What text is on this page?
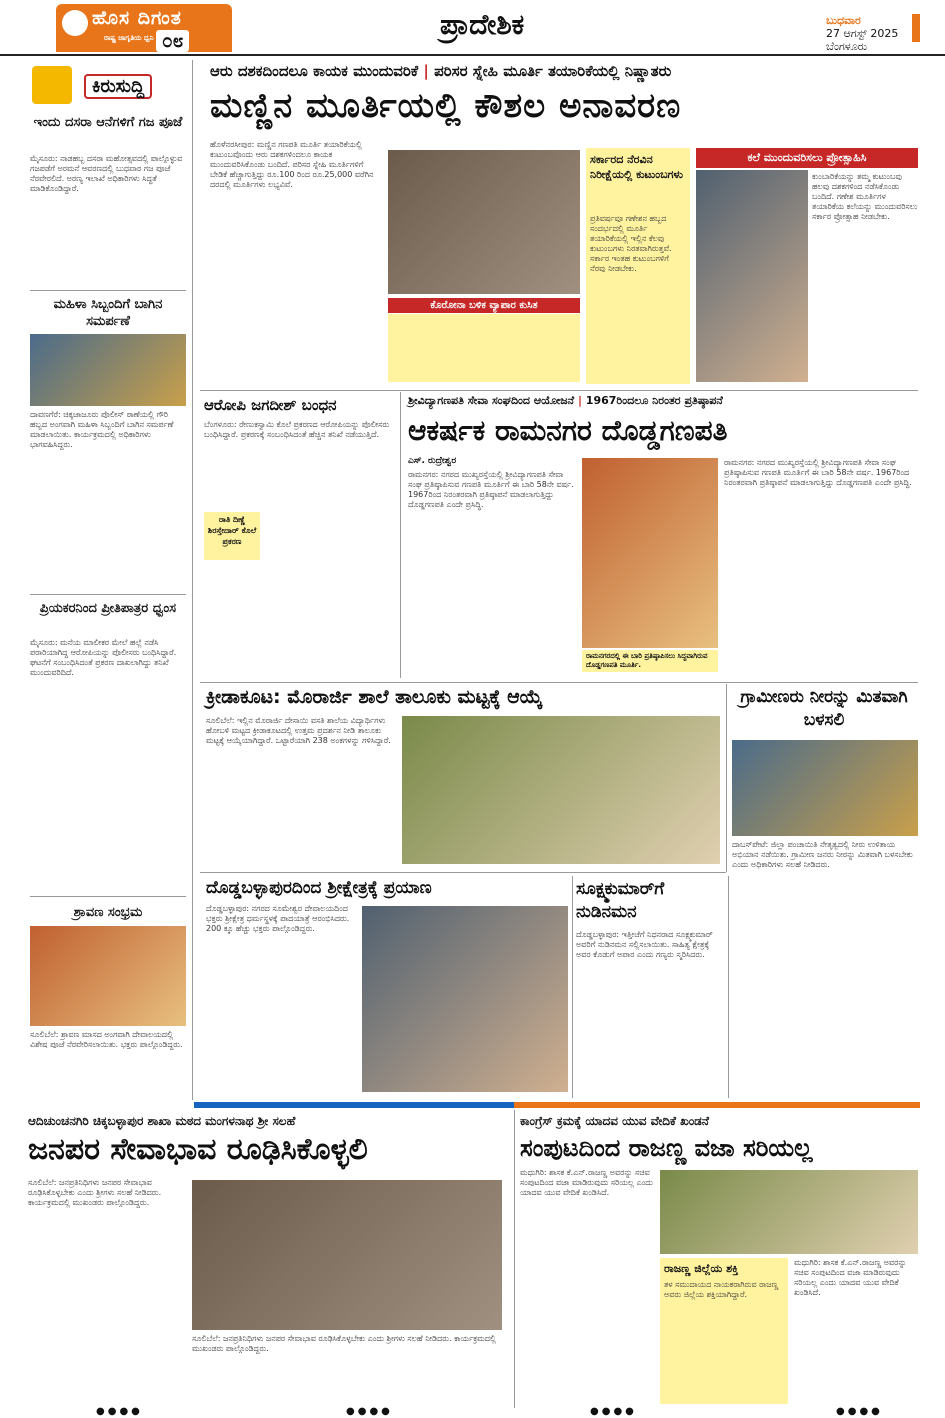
ಹೊಸ ದಿಗಂತ
ರಾಷ್ಟ್ರ ಜಾಗೃತಿಯ ಧ್ವನಿ ೦೮	ಪ್ರಾದೇಶಿಕ	ಬುಧವಾರ
27 ಆಗಸ್ಟ್ 2025
ಬೆಂಗಳೂರು
ಕಿರುಸುದ್ದಿ
ಇಂದು ದಸರಾ ಆನೆಗಳಿಗೆ ಗಜ ಪೂಜೆ
ಮೈಸೂರು: ನಾಡಹಬ್ಬ ದಸರಾ ಮಹೋತ್ಸವದಲ್ಲಿ ಪಾಲ್ಗೊಳ್ಳುವ ಗಜಪಡೆಗೆ ಅರಮನೆ ಆವರಣದಲ್ಲಿ ಬುಧವಾರ ಗಜ ಪೂಜೆ ನೆರವೇರಲಿದೆ. ಅರಣ್ಯ ಇಲಾಖೆ ಅಧಿಕಾರಿಗಳು ಸಿದ್ಧತೆ ಮಾಡಿಕೊಂಡಿದ್ದಾರೆ.
ಮಹಿಳಾ ಸಿಬ್ಬಂದಿಗೆ ಬಾಗಿನ ಸಮರ್ಪಣೆ
ದಾವಣಗೆರೆ: ಚಿಕ್ಕಜಾಜೂರು ಪೊಲೀಸ್ ಠಾಣೆಯಲ್ಲಿ ಗೌರಿ ಹಬ್ಬದ ಅಂಗವಾಗಿ ಮಹಿಳಾ ಸಿಬ್ಬಂದಿಗೆ ಬಾಗಿನ ಸಮರ್ಪಣೆ ಮಾಡಲಾಯಿತು. ಕಾರ್ಯಕ್ರಮದಲ್ಲಿ ಅಧಿಕಾರಿಗಳು ಭಾಗವಹಿಸಿದ್ದರು.
ಪ್ರಿಯಕರನಿಂದ ಪ್ರೀತಿಪಾತ್ರರ ಧ್ವಂಸ
ಮೈಸೂರು: ಮನೆಯ ಮಾಲೀಕರ ಮೇಲೆ ಹಲ್ಲೆ ನಡೆಸಿ ಪರಾರಿಯಾಗಿದ್ದ ಆರೋಪಿಯನ್ನು ಪೊಲೀಸರು ಬಂಧಿಸಿದ್ದಾರೆ. ಘಟನೆಗೆ ಸಂಬಂಧಿಸಿದಂತೆ ಪ್ರಕರಣ ದಾಖಲಾಗಿದ್ದು ತನಿಖೆ ಮುಂದುವರಿದಿದೆ.
ಶ್ರಾವಣ ಸಂಭ್ರಮ
ಸೂಲಿಬೆಲೆ: ಶ್ರಾವಣ ಮಾಸದ ಅಂಗವಾಗಿ ದೇವಾಲಯದಲ್ಲಿ ವಿಶೇಷ ಪೂಜೆ ನೆರವೇರಿಸಲಾಯಿತು. ಭಕ್ತರು ಪಾಲ್ಗೊಂಡಿದ್ದರು.
ಆರು ದಶಕದಿಂದಲೂ ಕಾಯಕ ಮುಂದುವರಿಕೆ | ಪರಿಸರ ಸ್ನೇಹಿ ಮೂರ್ತಿ ತಯಾರಿಕೆಯಲ್ಲಿ ನಿಷ್ಣಾತರು
ಮಣ್ಣಿನ ಮೂರ್ತಿಯಲ್ಲಿ ಕೌಶಲ ಅನಾವರಣ
ಹೊಳೆನರಸೀಪುರ: ಮಣ್ಣಿನ ಗಣಪತಿ ಮೂರ್ತಿ ತಯಾರಿಕೆಯಲ್ಲಿ ಕುಟುಂಬವೊಂದು ಆರು ದಶಕಗಳಿಂದಲೂ ಕಾಯಕ ಮುಂದುವರಿಸಿಕೊಂಡು ಬಂದಿದೆ. ಪರಿಸರ ಸ್ನೇಹಿ ಮೂರ್ತಿಗಳಿಗೆ ಬೇಡಿಕೆ ಹೆಚ್ಚಾಗುತ್ತಿದ್ದು ರೂ.100 ರಿಂದ ರೂ.25,000 ವರೆಗಿನ ದರದಲ್ಲಿ ಮೂರ್ತಿಗಳು ಲಭ್ಯವಿವೆ.
ಕೊರೋನಾ ಬಳಿಕ ವ್ಯಾಪಾರ ಕುಸಿತ
ಸರ್ಕಾರದ ನೆರವಿನ ನಿರೀಕ್ಷೆಯಲ್ಲಿ ಕುಟುಂಬಗಳು
ಪ್ರತಿವರ್ಷವೂ ಗಣೇಶನ ಹಬ್ಬದ ಸಂದರ್ಭದಲ್ಲಿ ಮೂರ್ತಿ ತಯಾರಿಕೆಯಲ್ಲಿ ಇಲ್ಲಿನ ಕೆಲವು ಕುಟುಂಬಗಳು ನಿರತವಾಗಿರುತ್ತವೆ. ಸರ್ಕಾರ ಇಂತಹ ಕುಟುಂಬಗಳಿಗೆ ನೆರವು ನೀಡಬೇಕು.
ಕಲೆ ಮುಂದುವರಿಸಲು ಪ್ರೋತ್ಸಾಹಿಸಿ
ಕುಂಬಾರಿಕೆಯನ್ನು ತಮ್ಮ ಕುಟುಂಬವು ಹಲವು ದಶಕಗಳಿಂದ ನಡೆಸಿಕೊಂಡು ಬಂದಿದೆ. ಗಣೇಶ ಮೂರ್ತಿಗಳ ತಯಾರಿಕೆಯ ಕಲೆಯನ್ನು ಮುಂದುವರಿಸಲು ಸರ್ಕಾರ ಪ್ರೋತ್ಸಾಹ ನೀಡಬೇಕು.
ಆರೋಪಿ ಜಗದೀಶ್ ಬಂಧನ
ಬೆಂಗಳೂರು: ರೇಣುಕಸ್ವಾಮಿ ಕೊಲೆ ಪ್ರಕರಣದ ಆರೋಪಿಯನ್ನು ಪೊಲೀಸರು ಬಂಧಿಸಿದ್ದಾರೆ. ಪ್ರಕರಣಕ್ಕೆ ಸಂಬಂಧಿಸಿದಂತೆ ಹೆಚ್ಚಿನ ತನಿಖೆ ನಡೆಯುತ್ತಿದೆ.
ರಾತಿ ದಿಣ್ಣೆ ಶಿರಸ್ತೇದಾರ್ ಕೊಲೆ ಪ್ರಕರಣ
ಶ್ರೀವಿದ್ಯಾಗಣಪತಿ ಸೇವಾ ಸಂಘದಿಂದ ಆಯೋಜನೆ | 1967ರಿಂದಲೂ ನಿರಂತರ ಪ್ರತಿಷ್ಠಾಪನೆ
ಆಕರ್ಷಕ ರಾಮನಗರ ದೊಡ್ಡಗಣಪತಿ
ಎಸ್. ರುದ್ರೇಶ್ವರ
ರಾಮನಗರ: ನಗರದ ಮುಖ್ಯರಸ್ತೆಯಲ್ಲಿ ಶ್ರೀವಿದ್ಯಾಗಣಪತಿ ಸೇವಾ ಸಂಘ ಪ್ರತಿಷ್ಠಾಪಿಸುವ ಗಣಪತಿ ಮೂರ್ತಿಗೆ ಈ ಬಾರಿ 58ನೇ ವರ್ಷ. 1967ರಿಂದ ನಿರಂತರವಾಗಿ ಪ್ರತಿಷ್ಠಾಪನೆ ಮಾಡಲಾಗುತ್ತಿದ್ದು ದೊಡ್ಡಗಣಪತಿ ಎಂದೇ ಪ್ರಸಿದ್ಧಿ.
ರಾಮನಗರದಲ್ಲಿ ಈ ಬಾರಿ ಪ್ರತಿಷ್ಠಾಪಿಸಲು ಸಿದ್ಧವಾಗಿರುವ ದೊಡ್ಡಗಣಪತಿ ಮೂರ್ತಿ.
ರಾಮನಗರ: ನಗರದ ಮುಖ್ಯರಸ್ತೆಯಲ್ಲಿ ಶ್ರೀವಿದ್ಯಾಗಣಪತಿ ಸೇವಾ ಸಂಘ ಪ್ರತಿಷ್ಠಾಪಿಸುವ ಗಣಪತಿ ಮೂರ್ತಿಗೆ ಈ ಬಾರಿ 58ನೇ ವರ್ಷ. 1967ರಿಂದ ನಿರಂತರವಾಗಿ ಪ್ರತಿಷ್ಠಾಪನೆ ಮಾಡಲಾಗುತ್ತಿದ್ದು ದೊಡ್ಡಗಣಪತಿ ಎಂದೇ ಪ್ರಸಿದ್ಧಿ.
ಕ್ರೀಡಾಕೂಟ: ಮೊರಾರ್ಜಿ ಶಾಲೆ ತಾಲೂಕು ಮಟ್ಟಕ್ಕೆ ಆಯ್ಕೆ
ಸೂಲಿಬೆಲೆ: ಇಲ್ಲಿನ ಮೊರಾರ್ಜಿ ದೇಸಾಯಿ ವಸತಿ ಶಾಲೆಯ ವಿದ್ಯಾರ್ಥಿಗಳು ಹೋಬಳಿ ಮಟ್ಟದ ಕ್ರೀಡಾಕೂಟದಲ್ಲಿ ಉತ್ತಮ ಪ್ರದರ್ಶನ ನೀಡಿ ತಾಲೂಕು ಮಟ್ಟಕ್ಕೆ ಆಯ್ಕೆಯಾಗಿದ್ದಾರೆ. ಒಟ್ಟಾರೆಯಾಗಿ 238 ಅಂಕಗಳನ್ನು ಗಳಿಸಿದ್ದಾರೆ.
ಗ್ರಾಮೀಣರು ನೀರನ್ನು ಮಿತವಾಗಿ ಬಳಸಲಿ
ದಾಬಸ್‌ಪೇಟೆ: ಜಿಲ್ಲಾ ಪಂಚಾಯಿತಿ ನೇತೃತ್ವದಲ್ಲಿ ನೀರು ಉಳಿತಾಯ ಅಭಿಯಾನ ನಡೆಯಿತು. ಗ್ರಾಮೀಣ ಜನರು ನೀರನ್ನು ಮಿತವಾಗಿ ಬಳಸಬೇಕು ಎಂದು ಅಧಿಕಾರಿಗಳು ಸಲಹೆ ನೀಡಿದರು.
ದೊಡ್ಡಬಳ್ಳಾಪುರದಿಂದ ಶ್ರೀಕ್ಷೇತ್ರಕ್ಕೆ ಪ್ರಯಾಣ
ದೊಡ್ಡಬಳ್ಳಾಪುರ: ನಗರದ ಸೂಮೇಶ್ವರ ದೇವಾಲಯದಿಂದ ಭಕ್ತರು ಶ್ರೀಕ್ಷೇತ್ರ ಧರ್ಮಸ್ಥಳಕ್ಕೆ ಪಾದಯಾತ್ರೆ ಆರಂಭಿಸಿದರು. 200 ಕ್ಕೂ ಹೆಚ್ಚು ಭಕ್ತರು ಪಾಲ್ಗೊಂಡಿದ್ದರು.
ಸೂಕ್ಷ್ಮಕುಮಾರ್‌ಗೆ ನುಡಿನಮನ
ದೊಡ್ಡಬಳ್ಳಾಪುರ: ಇತ್ತೀಚೆಗೆ ನಿಧನರಾದ ಸೂಕ್ಷ್ಮಕುಮಾರ್ ಅವರಿಗೆ ನುಡಿನಮನ ಸಲ್ಲಿಸಲಾಯಿತು. ಸಾಹಿತ್ಯ ಕ್ಷೇತ್ರಕ್ಕೆ ಅವರ ಕೊಡುಗೆ ಅಪಾರ ಎಂದು ಗಣ್ಯರು ಸ್ಮರಿಸಿದರು.
ಆದಿಚುಂಚನಗಿರಿ ಚಿಕ್ಕಬಳ್ಳಾಪುರ ಶಾಖಾ ಮಠದ ಮಂಗಳನಾಥ ಶ್ರೀ ಸಲಹೆ
ಜನಪರ ಸೇವಾಭಾವ ರೂಢಿಸಿಕೊಳ್ಳಲಿ
ಸೂಲಿಬೆಲೆ: ಜನಪ್ರತಿನಿಧಿಗಳು ಜನಪರ ಸೇವಾಭಾವ ರೂಢಿಸಿಕೊಳ್ಳಬೇಕು ಎಂದು ಶ್ರೀಗಳು ಸಲಹೆ ನೀಡಿದರು. ಕಾರ್ಯಕ್ರಮದಲ್ಲಿ ಮುಖಂಡರು ಪಾಲ್ಗೊಂಡಿದ್ದರು.
ಸೂಲಿಬೆಲೆ: ಜನಪ್ರತಿನಿಧಿಗಳು ಜನಪರ ಸೇವಾಭಾವ ರೂಢಿಸಿಕೊಳ್ಳಬೇಕು ಎಂದು ಶ್ರೀಗಳು ಸಲಹೆ ನೀಡಿದರು. ಕಾರ್ಯಕ್ರಮದಲ್ಲಿ ಮುಖಂಡರು ಪಾಲ್ಗೊಂಡಿದ್ದರು.
ಕಾಂಗ್ರೆಸ್ ಕ್ರಮಕ್ಕೆ ಯಾದವ ಯುವ ವೇದಿಕೆ ಖಂಡನೆ
ಸಂಪುಟದಿಂದ ರಾಜಣ್ಣ ವಜಾ ಸರಿಯಲ್ಲ
ಮಧುಗಿರಿ: ಶಾಸಕ ಕೆ.ಎನ್.ರಾಜಣ್ಣ ಅವರನ್ನು ಸಚಿವ ಸಂಪುಟದಿಂದ ವಜಾ ಮಾಡಿರುವುದು ಸರಿಯಲ್ಲ ಎಂದು ಯಾದವ ಯುವ ವೇದಿಕೆ ಖಂಡಿಸಿದೆ.
ರಾಜಣ್ಣ ಜಿಲ್ಲೆಯ ಶಕ್ತಿ
ತಳ ಸಮುದಾಯದ ನಾಯಕರಾಗಿರುವ ರಾಜಣ್ಣ ಅವರು ಜಿಲ್ಲೆಯ ಶಕ್ತಿಯಾಗಿದ್ದಾರೆ.
ಮಧುಗಿರಿ: ಶಾಸಕ ಕೆ.ಎನ್.ರಾಜಣ್ಣ ಅವರನ್ನು ಸಚಿವ ಸಂಪುಟದಿಂದ ವಜಾ ಮಾಡಿರುವುದು ಸರಿಯಲ್ಲ ಎಂದು ಯಾದವ ಯುವ ವೇದಿಕೆ ಖಂಡಿಸಿದೆ.
●●●●	●●●●	●●●●	●●●●
